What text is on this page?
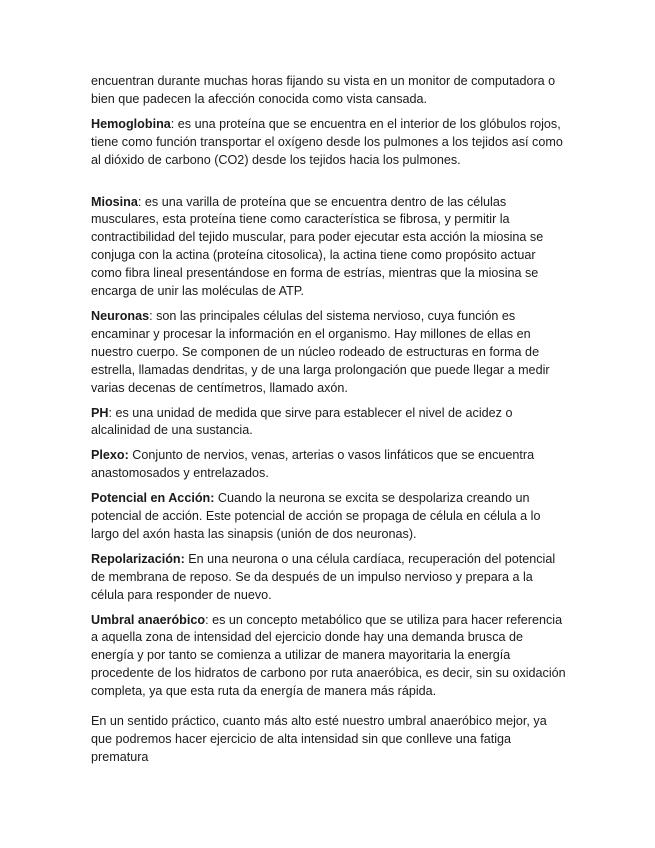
encuentran durante muchas horas fijando su vista en un monitor de computadora o bien que padecen la afección conocida como vista cansada.

Hemoglobina: es una proteína que se encuentra en el interior de los glóbulos rojos, tiene como función transportar el oxígeno desde los pulmones a los tejidos así como al dióxido de carbono (CO2) desde los tejidos hacia los pulmones.

Miosina: es una varilla de proteína que se encuentra dentro de las células musculares, esta proteína tiene como característica se fibrosa, y permitir la contractibilidad del tejido muscular, para poder ejecutar esta acción la miosina se conjuga con la actina (proteína citosolica), la actina tiene como propósito actuar como fibra lineal presentándose en forma de estrías, mientras que la miosina se encarga de unir las moléculas de ATP.

Neuronas: son las principales células del sistema nervioso, cuya función es encaminar y procesar la información en el organismo. Hay millones de ellas en nuestro cuerpo. Se componen de un núcleo rodeado de estructuras en forma de estrella, llamadas dendritas, y de una larga prolongación que puede llegar a medir varias decenas de centímetros, llamado axón.

PH: es una unidad de medida que sirve para establecer el nivel de acidez o alcalinidad de una sustancia.

Plexo: Conjunto de nervios, venas, arterias o vasos linfáticos que se encuentra anastomosados y entrelazados.

Potencial en Acción: Cuando la neurona se excita se despolariza creando un potencial de acción. Este potencial de acción se propaga de célula en célula a lo largo del axón hasta las sinapsis (unión de dos neuronas).

Repolarización: En una neurona o una célula cardíaca, recuperación del potencial de membrana de reposo. Se da después de un impulso nervioso y prepara a la célula para responder de nuevo.

Umbral anaeróbico: es un concepto metabólico que se utiliza para hacer referencia a aquella zona de intensidad del ejercicio donde hay una demanda brusca de energía y por tanto se comienza a utilizar de manera mayoritaria la energía procedente de los hidratos de carbono por ruta anaeróbica, es decir, sin su oxidación completa, ya que esta ruta da energía de manera más rápida.

En un sentido práctico, cuanto más alto esté nuestro umbral anaeróbico mejor, ya que podremos hacer ejercicio de alta intensidad sin que conlleve una fatiga prematura
